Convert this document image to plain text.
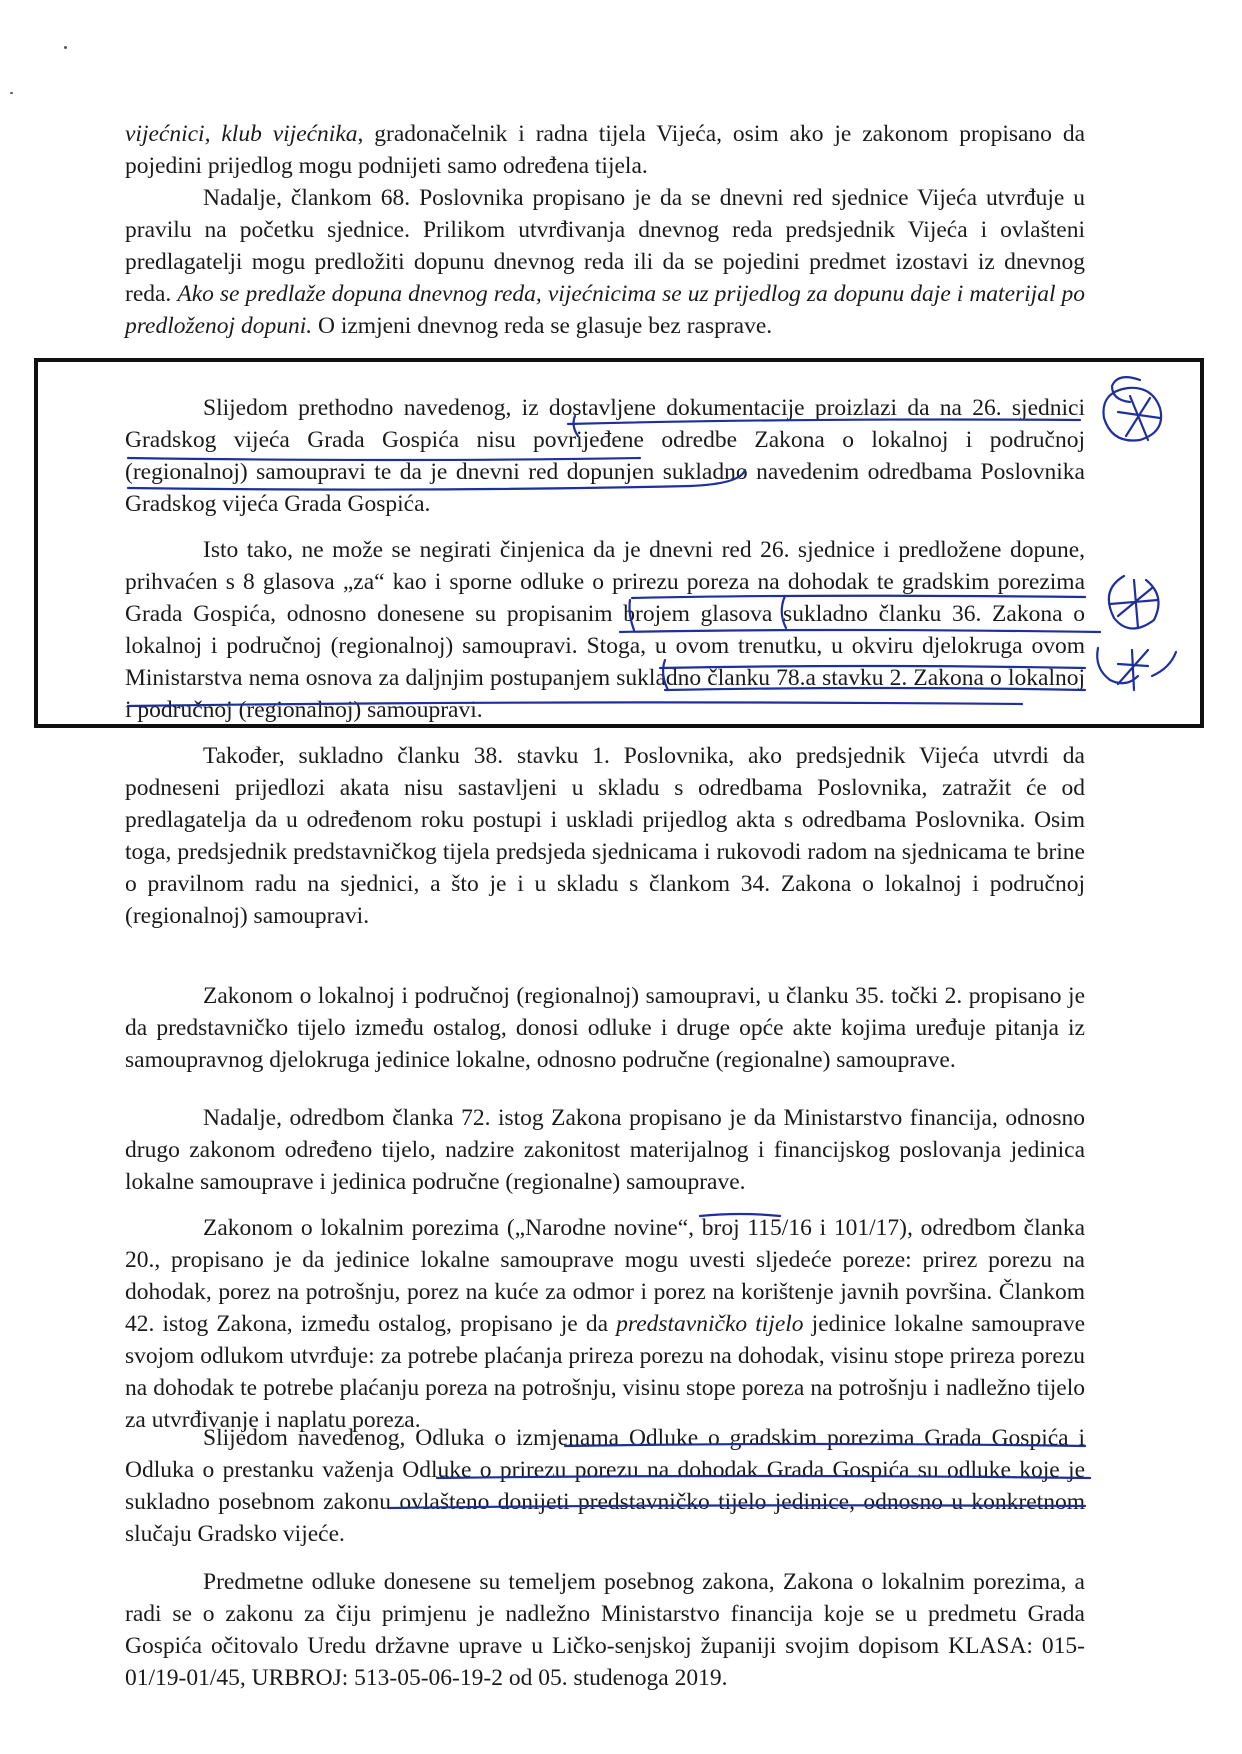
vijećnici, klub vijećnika, gradonačelnik i radna tijela Vijeća, osim ako je zakonom propisano da pojedini prijedlog mogu podnijeti samo određena tijela.

Nadalje, člankom 68. Poslovnika propisano je da se dnevni red sjednice Vijeća utvrđuje u pravilu na početku sjednice. Prilikom utvrđivanja dnevnog reda predsjednik Vijeća i ovlašteni predlagatelji mogu predložiti dopunu dnevnog reda ili da se pojedini predmet izostavi iz dnevnog reda. Ako se predlaže dopuna dnevnog reda, vijećnicima se uz prijedlog za dopunu daje i materijal po predloženoj dopuni. O izmjeni dnevnog reda se glasuje bez rasprave.

Slijedom prethodno navedenog, iz dostavljene dokumentacije proizlazi da na 26. sjednici Gradskog vijeća Grada Gospića nisu povrijeđene odredbe Zakona o lokalnoj i područnoj (regionalnoj) samoupravi te da je dnevni red dopunjen sukladno navedenim odredbama Poslovnika Gradskog vijeća Grada Gospića.

Isto tako, ne može se negirati činjenica da je dnevni red 26. sjednice i predložene dopune, prihvaćen s 8 glasova „za“ kao i sporne odluke o prirezu poreza na dohodak te gradskim porezima Grada Gospića, odnosno donesene su propisanim brojem glasova sukladno članku 36. Zakona o lokalnoj i područnoj (regionalnoj) samoupravi. Stoga, u ovom trenutku, u okviru djelokruga ovom Ministarstva nema osnova za daljnjim postupanjem sukladno članku 78.a stavku 2. Zakona o lokalnoj i područnoj (regionalnoj) samoupravi.

Također, sukladno članku 38. stavku 1. Poslovnika, ako predsjednik Vijeća utvrdi da podneseni prijedlozi akata nisu sastavljeni u skladu s odredbama Poslovnika, zatražit će od predlagatelja da u određenom roku postupi i uskladi prijedlog akta s odredbama Poslovnika. Osim toga, predsjednik predstavničkog tijela predsjeda sjednicama i rukovodi radom na sjednicama te brine o pravilnom radu na sjednici, a što je i u skladu s člankom 34. Zakona o lokalnoj i područnoj (regionalnoj) samoupravi.

Zakonom o lokalnoj i područnoj (regionalnoj) samoupravi, u članku 35. točki 2. propisano je da predstavničko tijelo između ostalog, donosi odluke i druge opće akte kojima uređuje pitanja iz samoupravnog djelokruga jedinice lokalne, odnosno područne (regionalne) samouprave.

Nadalje, odredbom članka 72. istog Zakona propisano je da Ministarstvo financija, odnosno drugo zakonom određeno tijelo, nadzire zakonitost materijalnog i financijskog poslovanja jedinica lokalne samouprave i jedinica područne (regionalne) samouprave.

Zakonom o lokalnim porezima („Narodne novine“, broj 115/16 i 101/17), odredbom članka 20., propisano je da jedinice lokalne samouprave mogu uvesti sljedeće poreze: prirez porezu na dohodak, porez na potrošnju, porez na kuće za odmor i porez na korištenje javnih površina. Člankom 42. istog Zakona, između ostalog, propisano je da predstavničko tijelo jedinice lokalne samouprave svojom odlukom utvrđuje: za potrebe plaćanja prireza porezu na dohodak, visinu stope prireza porezu na dohodak te potrebe plaćanju poreza na potrošnju, visinu stope poreza na potrošnju i nadležno tijelo za utvrđivanje i naplatu poreza.

Slijedom navedenog, Odluka o izmjenama Odluke o gradskim porezima Grada Gospića i Odluka o prestanku važenja Odluke o prirezu porezu na dohodak Grada Gospića su odluke koje je sukladno posebnom zakonu ovlašteno donijeti predstavničko tijelo jedinice, odnosno u konkretnom slučaju Gradsko vijeće.

Predmetne odluke donesene su temeljem posebnog zakona, Zakona o lokalnim porezima, a radi se o zakonu za čiju primjenu je nadležno Ministarstvo financija koje se u predmetu Grada Gospića očitovalo Uredu državne uprave u Ličko-senjskoj županiji svojim dopisom KLASA: 015-01/19-01/45, URBROJ: 513-05-06-19-2 od 05. studenoga 2019.
